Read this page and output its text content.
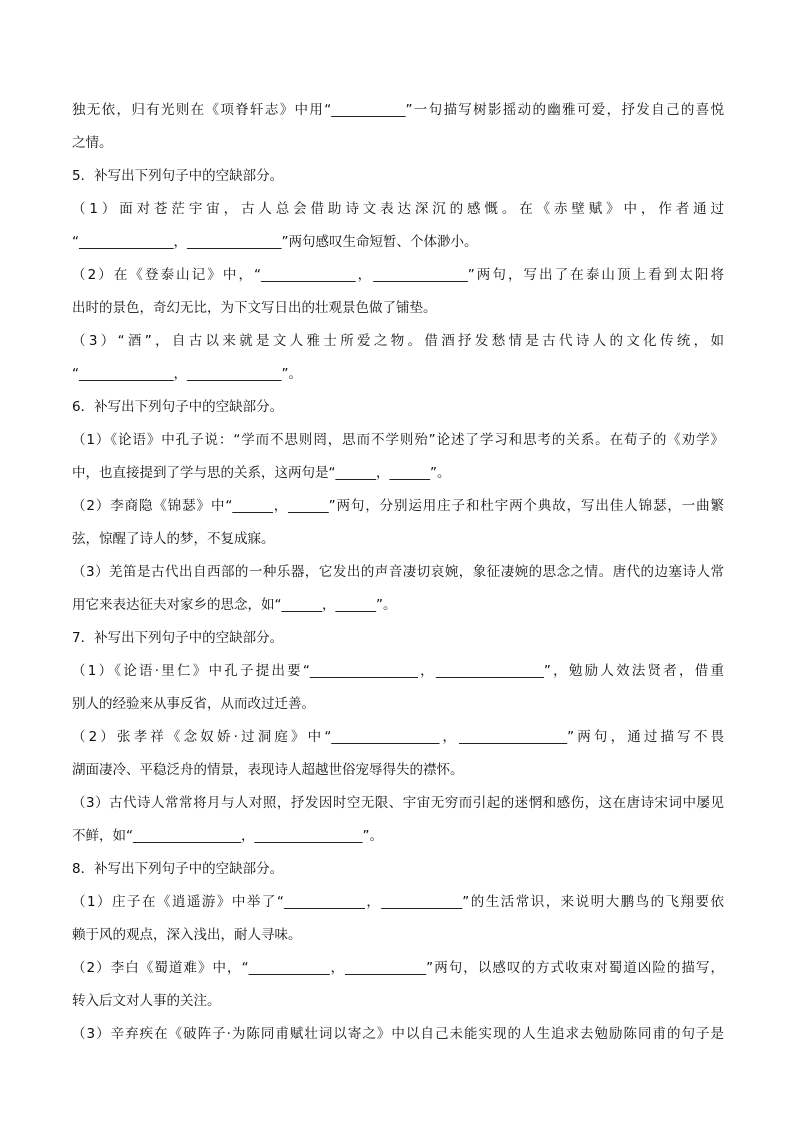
独无依，归有光则在《项脊轩志》中用“___________”一句描写树影摇动的幽雅可爱，抒发自己的喜悦
之情。
5．补写出下列句子中的空缺部分。
（1）面对苍茫宇宙，古人总会借助诗文表达深沉的感慨。在《赤壁赋》中，作者通过
“______________，______________”两句感叹生命短暂、个体渺小。
（2）在《登泰山记》中，“______________，______________”两句，写出了在泰山顶上看到太阳将
出时的景色，奇幻无比，为下文写日出的壮观景色做了铺垫。
（3）“酒”，自古以来就是文人雅士所爱之物。借酒抒发愁情是古代诗人的文化传统，如
“______________，______________”。
6．补写出下列句子中的空缺部分。
（1）《论语》中孔子说：“学而不思则罔，思而不学则殆”论述了学习和思考的关系。在荀子的《劝学》
中，也直接提到了学与思的关系，这两句是“______，______”。
（2）李商隐《锦瑟》中“______，______”两句，分别运用庄子和杜宇两个典故，写出佳人锦瑟，一曲繁
弦，惊醒了诗人的梦，不复成寐。
（3）羌笛是古代出自西部的一种乐器，它发出的声音凄切哀婉，象征凄婉的思念之情。唐代的边塞诗人常
用它来表达征夫对家乡的思念，如“______，______”。
7．补写出下列句子中的空缺部分。
（1）《论语·里仁》中孔子提出要“________________，________________”，勉励人效法贤者，借重
别人的经验来从事反省，从而改过迁善。
（2）张孝祥《念奴娇·过洞庭》中“________________，________________”两句，通过描写不畏
湖面凄冷、平稳泛舟的情景，表现诗人超越世俗宠辱得失的襟怀。
（3）古代诗人常常将月与人对照，抒发因时空无限、宇宙无穷而引起的迷惘和感伤，这在唐诗宋词中屡见
不鲜，如“________________，________________”。
8．补写出下列句子中的空缺部分。
（1）庄子在《逍遥游》中举了“____________，____________”的生活常识，来说明大鹏鸟的飞翔要依
赖于风的观点，深入浅出，耐人寻味。
（2）李白《蜀道难》中，“____________，____________”两句，以感叹的方式收束对蜀道凶险的描写，
转入后文对人事的关注。
（3）辛弃疾在《破阵子·为陈同甫赋壮词以寄之》中以自己未能实现的人生追求去勉励陈同甫的句子是
